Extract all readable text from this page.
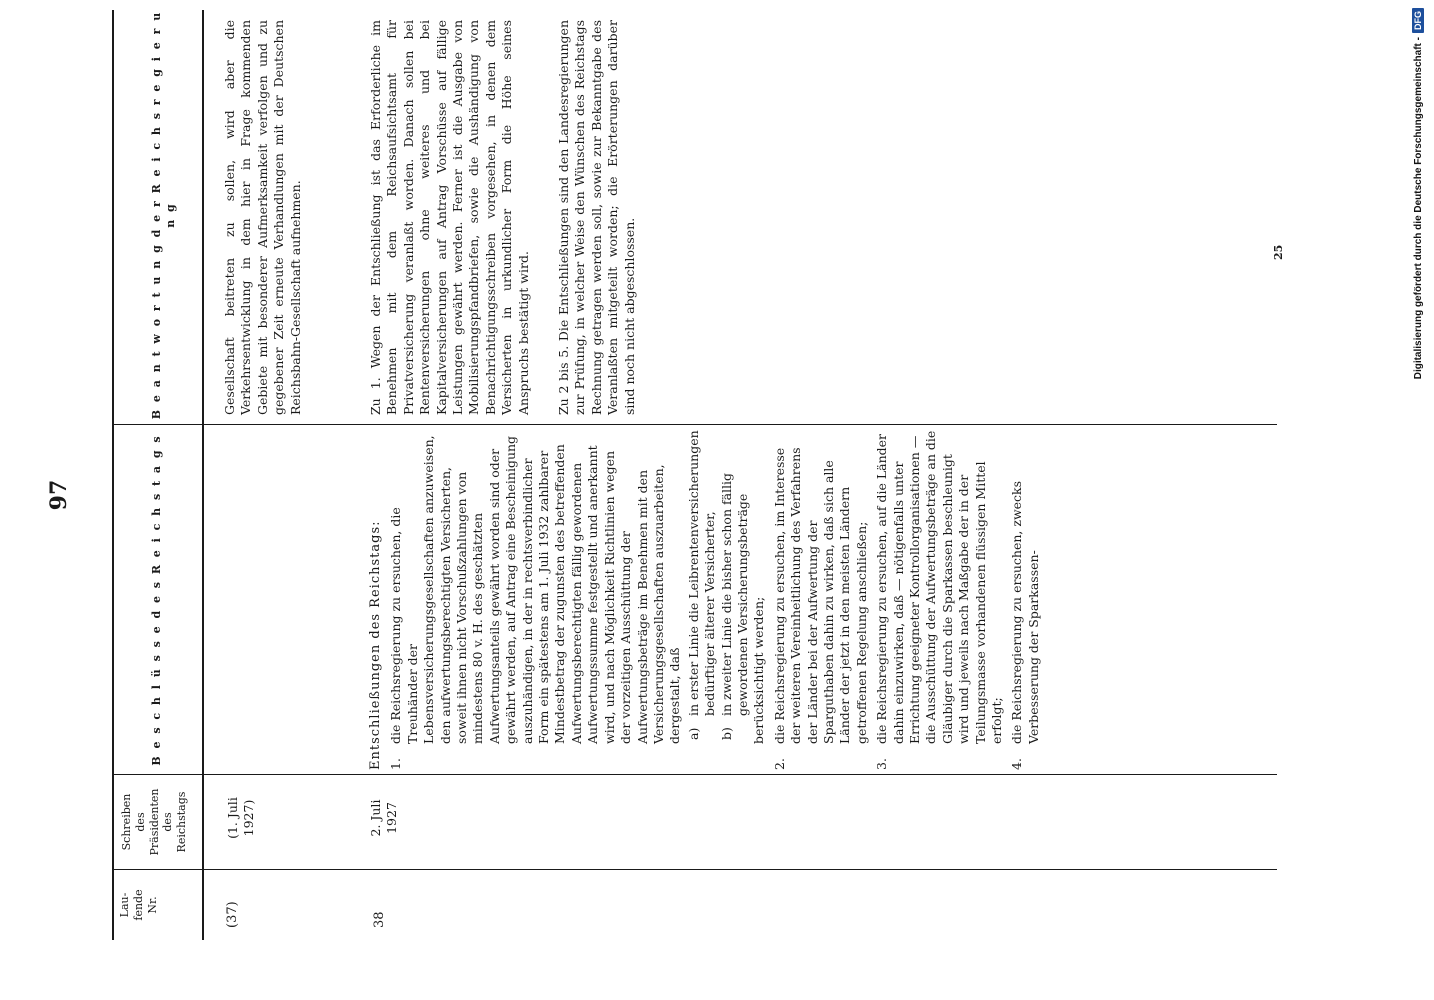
97
25
Lau-
fende
Nr.
Schreiben
des
Präsidenten
des
Reichstags
B e s c h l ü s s e d e s R e i c h s t a g s
B e a n t w o r t u n g d e r R e i c h s r e g i e r u n g
(37)
(1. Juli
1927)
Gesellschaft beitreten zu sollen, wird aber die Verkehrsentwicklung in dem hier in Frage kommenden Gebiete mit besonderer Aufmerksamkeit verfolgen und zu gegebener Zeit erneute Verhandlungen mit der Deutschen Reichsbahn-Gesellschaft aufnehmen.
38
2. Juli
1927
Entschließungen des Reichstags: 1.
die Reichsregierung zu ersuchen, die Treuhänder der Lebensversicherungsgesellschaften anzuweisen, den aufwertungsberechtigten Versicherten, soweit ihnen nicht Vorschußzahlungen von mindestens 80 v. H. des geschätzten Aufwertungsanteils gewährt worden sind oder gewährt werden, auf Antrag eine Bescheinigung auszuhändigen, in der in rechtsverbindlicher Form ein spätestens am 1. Juli 1932 zahlbarer Mindestbetrag der zugunsten des betreffenden Aufwertungsberechtigten fällig gewordenen Aufwertungssumme festgestellt und anerkannt wird, und nach Möglichkeit Richtlinien wegen der vorzeitigen Ausschüttung der Aufwertungsbeträge im Benehmen mit den Versicherungsgesellschaften auszuarbeiten, dergestalt, daß a)
in erster Linie die Leibrentenversicherungen bedürftiger älterer Versicherter,
b)
in zweiter Linie die bisher schon fällig gewordenen Versicherungsbeträge berücksichtigt werden;
2.
die Reichsregierung zu ersuchen, im Interesse der weiteren Vereinheitlichung des Verfahrens der Länder bei der Aufwertung der Sparguthaben dahin zu wirken, daß sich alle Länder der jetzt in den meisten Ländern getroffenen Regelung anschließen;
3.
die Reichsregierung zu ersuchen, auf die Länder dahin einzuwirken, daß — nötigenfalls unter Errichtung geeigneter Kontrollorganisationen — die Ausschüttung der Aufwertungsbeträge an die Gläubiger durch die Sparkassen beschleunigt wird und jeweils nach Maßgabe der in der Teilungsmasse vorhandenen flüssigen Mittel erfolgt;
4.
die Reichsregierung zu ersuchen, zwecks Verbesserung der Sparkassen-
Zu 1. Wegen der Entschließung ist das Erforderliche im Benehmen mit dem Reichsaufsichtsamt für Privatversicherung veranlaßt worden. Danach sollen bei Rentenversicherungen ohne weiteres und bei Kapitalversicherungen auf Antrag Vorschüsse auf fällige Leistungen gewährt werden. Ferner ist die Ausgabe von Mobilisierungspfandbriefen, sowie die Aushändigung von Benachrichtigungsschreiben vorgesehen, in denen dem Versicherten in urkundlicher Form die Höhe seines Anspruchs bestätigt wird. Zu 2 bis 5. Die Entschließungen sind den Landesregierungen zur Prüfung, in welcher Weise den Wünschen des Reichstags Rechnung getragen werden soll, sowie zur Bekanntgabe des Veranlaßten mitgeteilt worden; die Erörterungen darüber sind noch nicht abgeschlossen.	Digitalisierung gefördert durch die Deutsche Forschungsgemeinschaft -DFG
